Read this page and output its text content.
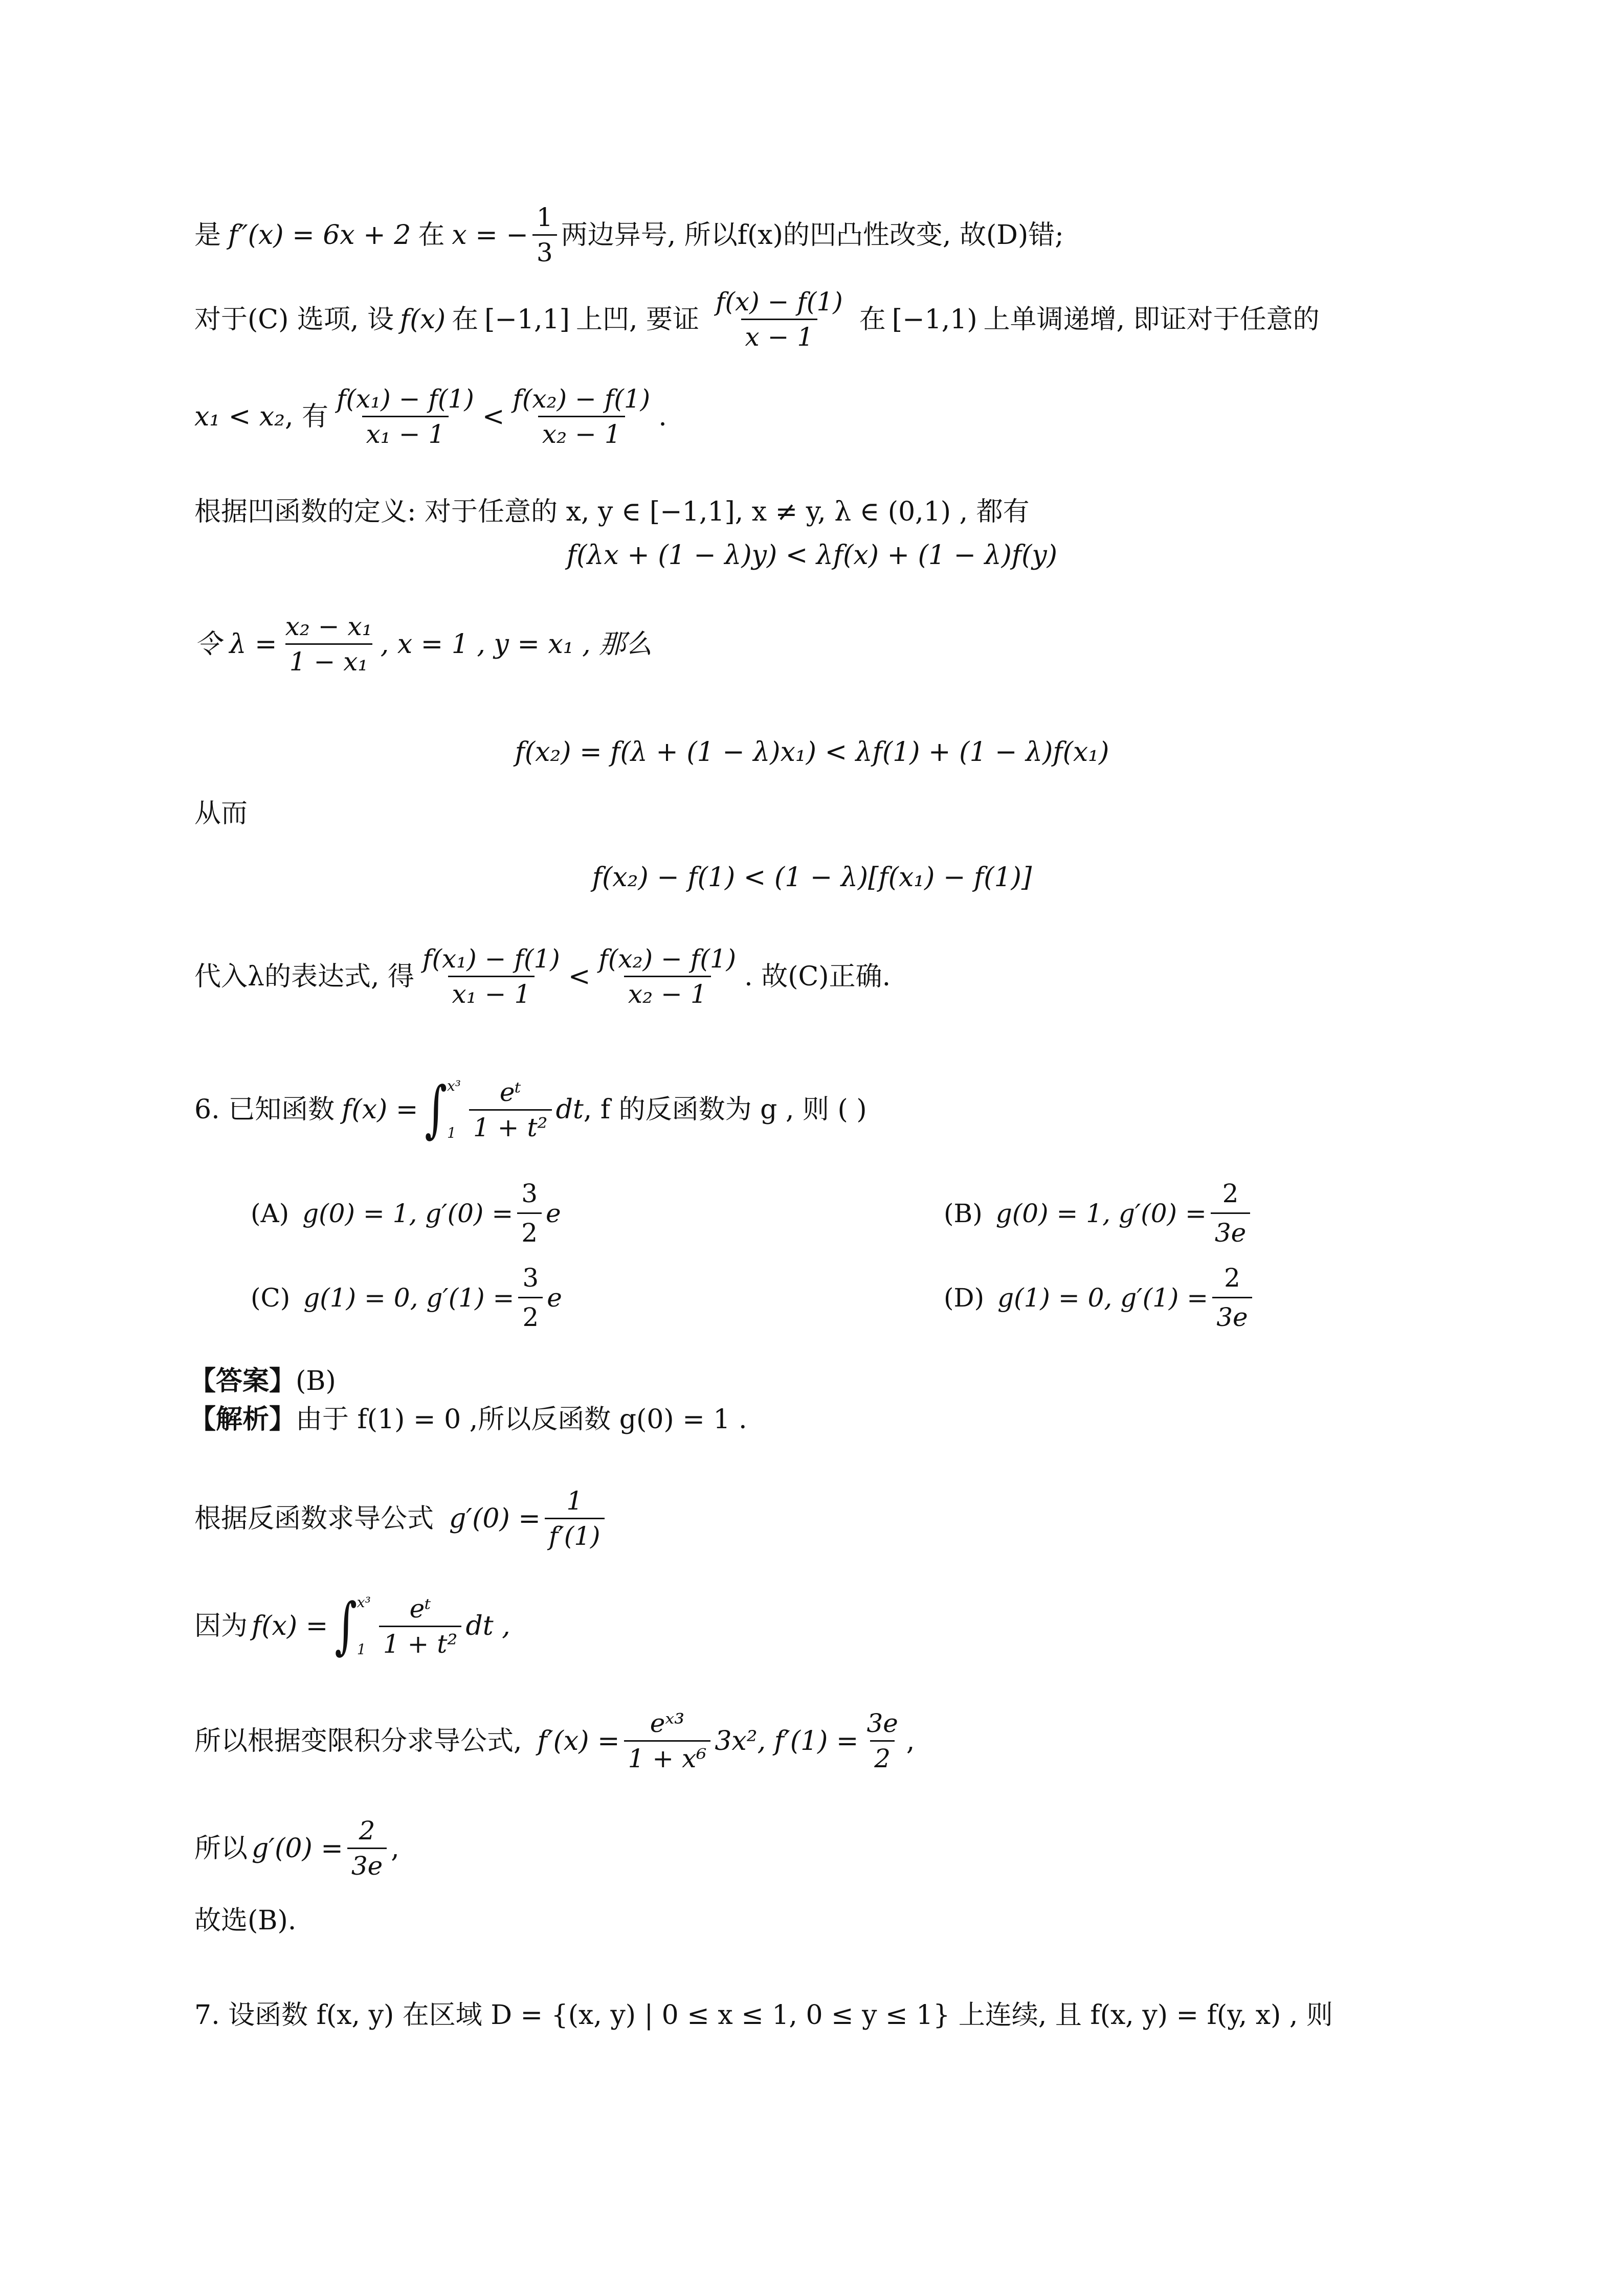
是 f″(x) = 6x + 2 在 x = − $\frac{1}{3}$ 两边异号, 所以f(x)的凹凸性改变, 故(D)错;
对于(C) 选项, 设 f(x) 在 [−1,1] 上凹, 要证 $\frac{f(x) - f(1)}{x - 1}$ 在 [−1,1) 上单调递增, 即证对于任意的
x₁ < x₂ , 有 $\frac{\text{f(x₁) − f(1)}}{\text{x₁ − 1}} < \frac{\text{f(x₂) − f(1)}}{\text{x₂ − 1}}$ .
根据凹函数的定义: 对于任意的 x, y ∈ [−1,1], x ≠ y, λ ∈ (0,1) , 都有
f(λx + (1 − λ)y) < λf(x) + (1 − λ)f(y)
令 $\lambda = \frac{\text{x₂ − x₁}}{\text{1 − x₁}}$ , x = 1 , y = x₁ , 那么
f(x₂) = f(λ + (1 − λ)x₁) < λf(1) + (1 − λ)f(x₁)
从而
f(x₂) − f(1) < (1 − λ)[f(x₁) − f(1)]
代入λ的表达式, 得 $\frac{\text{f(x₁) − f(1)}}{\text{x₁ − 1}} < \frac{\text{f(x₂) − f(1)}}{\text{x₂ − 1}}$ . 故(C)正确.
6. 已知函数 f(x) = ∫ x³
$1 \frac{\text{eᵗ}}{\text{1 + t²}}$ dt , f 的反函数为 g , 则 ( )
(A) g(0) = 1, $g'(0) = \frac{3}{2}$ e	(B) g(0) = 1, $g'(0) = \frac{2}{3e}$
(C) g(1) = 0, $g'(1) = \frac{3}{2}$ e	(D) g(1) = 0, $g'(1) = \frac{2}{3e}$
【答案】 (B)
【解析】 由于 f(1) = 0 ,所以反函数 g(0) = 1 .
根据反函数求导公式 $g'(0) = \frac{1}{f'(1)}$
因为 f(x) = ∫ x³
$1 \frac{\text{eᵗ}}{\text{1 + t²}}$ dt ,
所以根据变限积分求导公式, $f'(x) = \frac{\text{eˣ³}}{\text{1 + x⁶}} 3x^2$, $f'(1) = \frac{3e}{2}$ ,
所以 $g'(0) = \frac{2}{3e}$ ,
故选(B).
7. 设函数 f(x, y) 在区域 D = {(x, y) | 0 ≤ x ≤ 1, 0 ≤ y ≤ 1} 上连续, 且 f(x, y) = f(y, x) , 则
